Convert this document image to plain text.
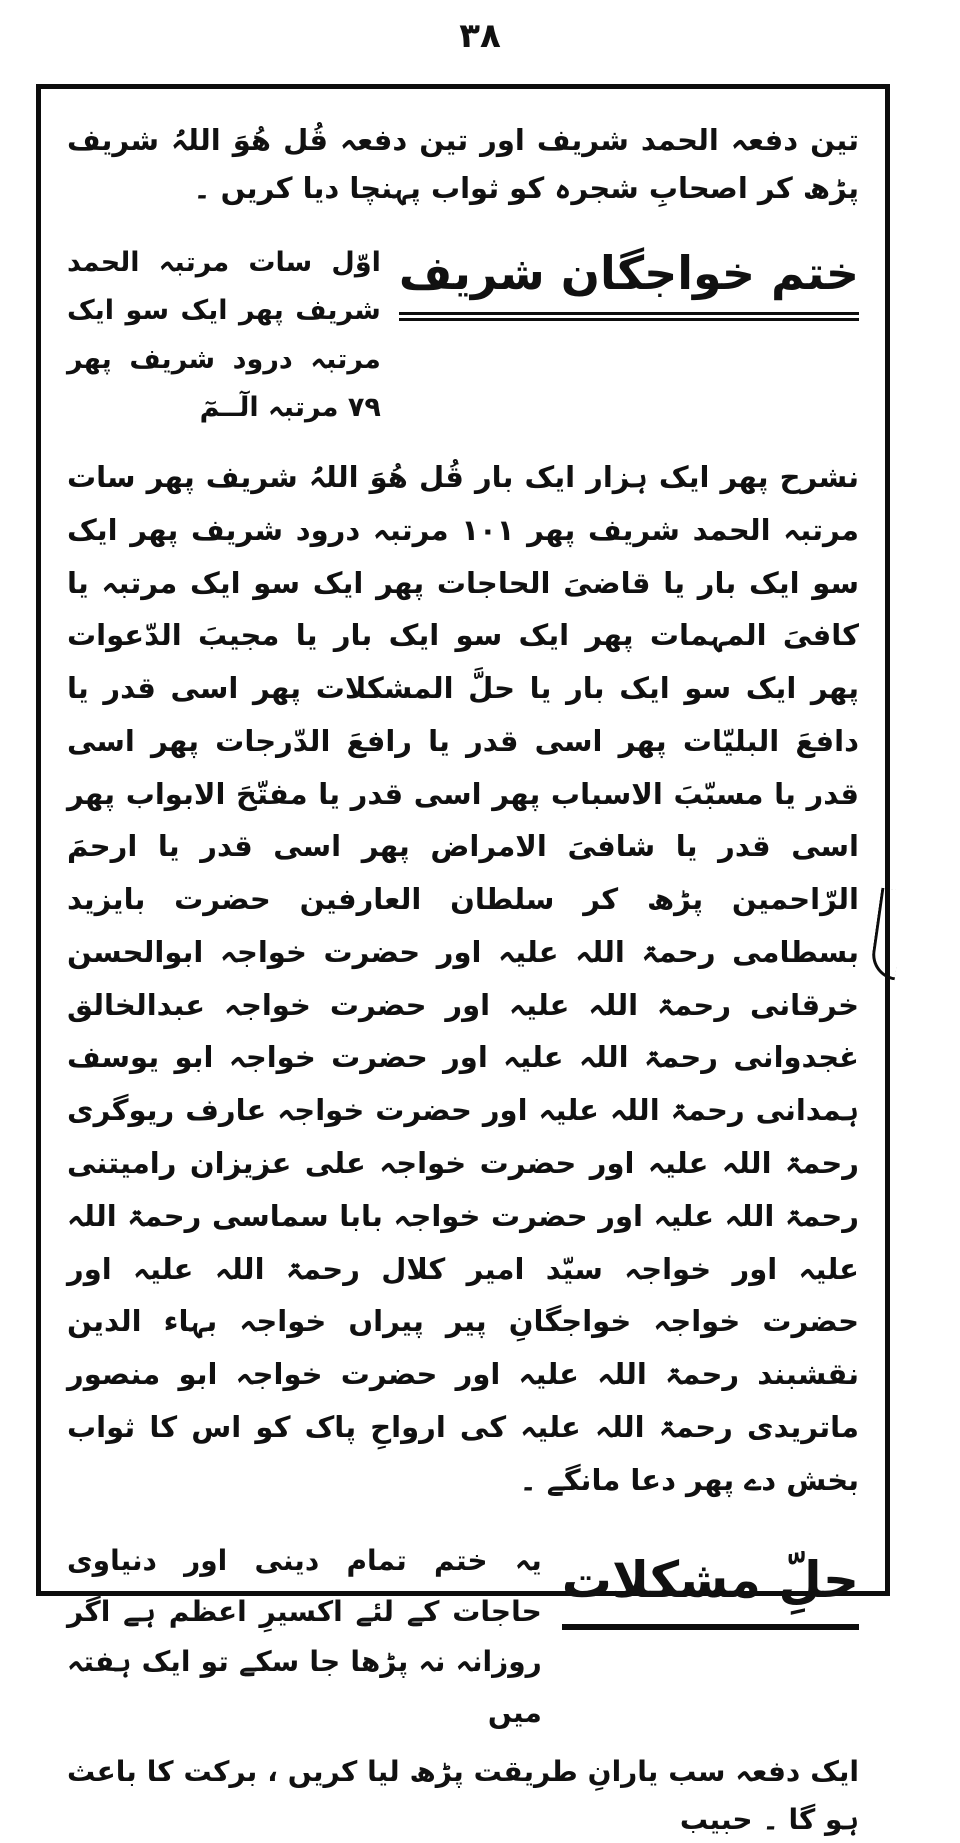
۳۸

تین دفعہ الحمد شریف اور تین دفعہ قُل ھُوَ اللہُ شریف پڑھ کر اصحابِ شجرہ کو ثواب پہنچا دیا کریں ۔

ختم خواجگان شریف

اوّل سات مرتبہ الحمد شریف پھر ایک سو ایک مرتبہ درود شریف پھر ۷۹ مرتبہ الٓــمٓ

نشرح پھر ایک ہزار ایک بار قُل ھُوَ اللہُ شریف پھر سات مرتبہ الحمد شریف پھر ۱۰۱ مرتبہ درود شریف پھر ایک سو ایک بار یا قاضیَ الحاجات پھر ایک سو ایک مرتبہ یا کافیَ المہمات پھر ایک سو ایک بار یا مجیبَ الدّعوات پھر ایک سو ایک بار یا حلَّ المشکلات پھر اسی قدر یا دافعَ البلیّات پھر اسی قدر یا رافعَ الدّرجات پھر اسی قدر یا مسبّبَ الاسباب پھر اسی قدر یا مفتّحَ الابواب پھر اسی قدر یا شافیَ الامراض پھر اسی قدر یا ارحمَ الرّاحمین پڑھ کر سلطان العارفین حضرت بایزید بسطامی رحمۃ اللہ علیہ اور حضرت خواجہ ابوالحسن خرقانی رحمۃ اللہ علیہ اور حضرت خواجہ عبدالخالق غجدوانی رحمۃ اللہ علیہ اور حضرت خواجہ ابو یوسف ہمدانی رحمۃ اللہ علیہ اور حضرت خواجہ عارف ریوگری رحمۃ اللہ علیہ اور حضرت خواجہ علی عزیزان رامیتنی رحمۃ اللہ علیہ اور حضرت خواجہ بابا سماسی رحمۃ اللہ علیہ اور خواجہ سیّد امیر کلال رحمۃ اللہ علیہ اور حضرت خواجہ خواجگانِ پیر پیراں خواجہ بہاء الدین نقشبند رحمۃ اللہ علیہ اور حضرت خواجہ ابو منصور ماتریدی رحمۃ اللہ علیہ کی ارواحِ پاک کو اس کا ثواب بخش دے پھر دعا مانگے ۔

حلِّ مشکلات

یہ ختم تمام دینی اور دنیاوی حاجات کے لئے اکسیرِ اعظم ہے اگر روزانہ نہ پڑھا جا سکے تو ایک ہفتہ میں

ایک دفعہ سب یارانِ طریقت پڑھ لیا کریں ، برکت کا باعث ہو گا ۔ حبیب
